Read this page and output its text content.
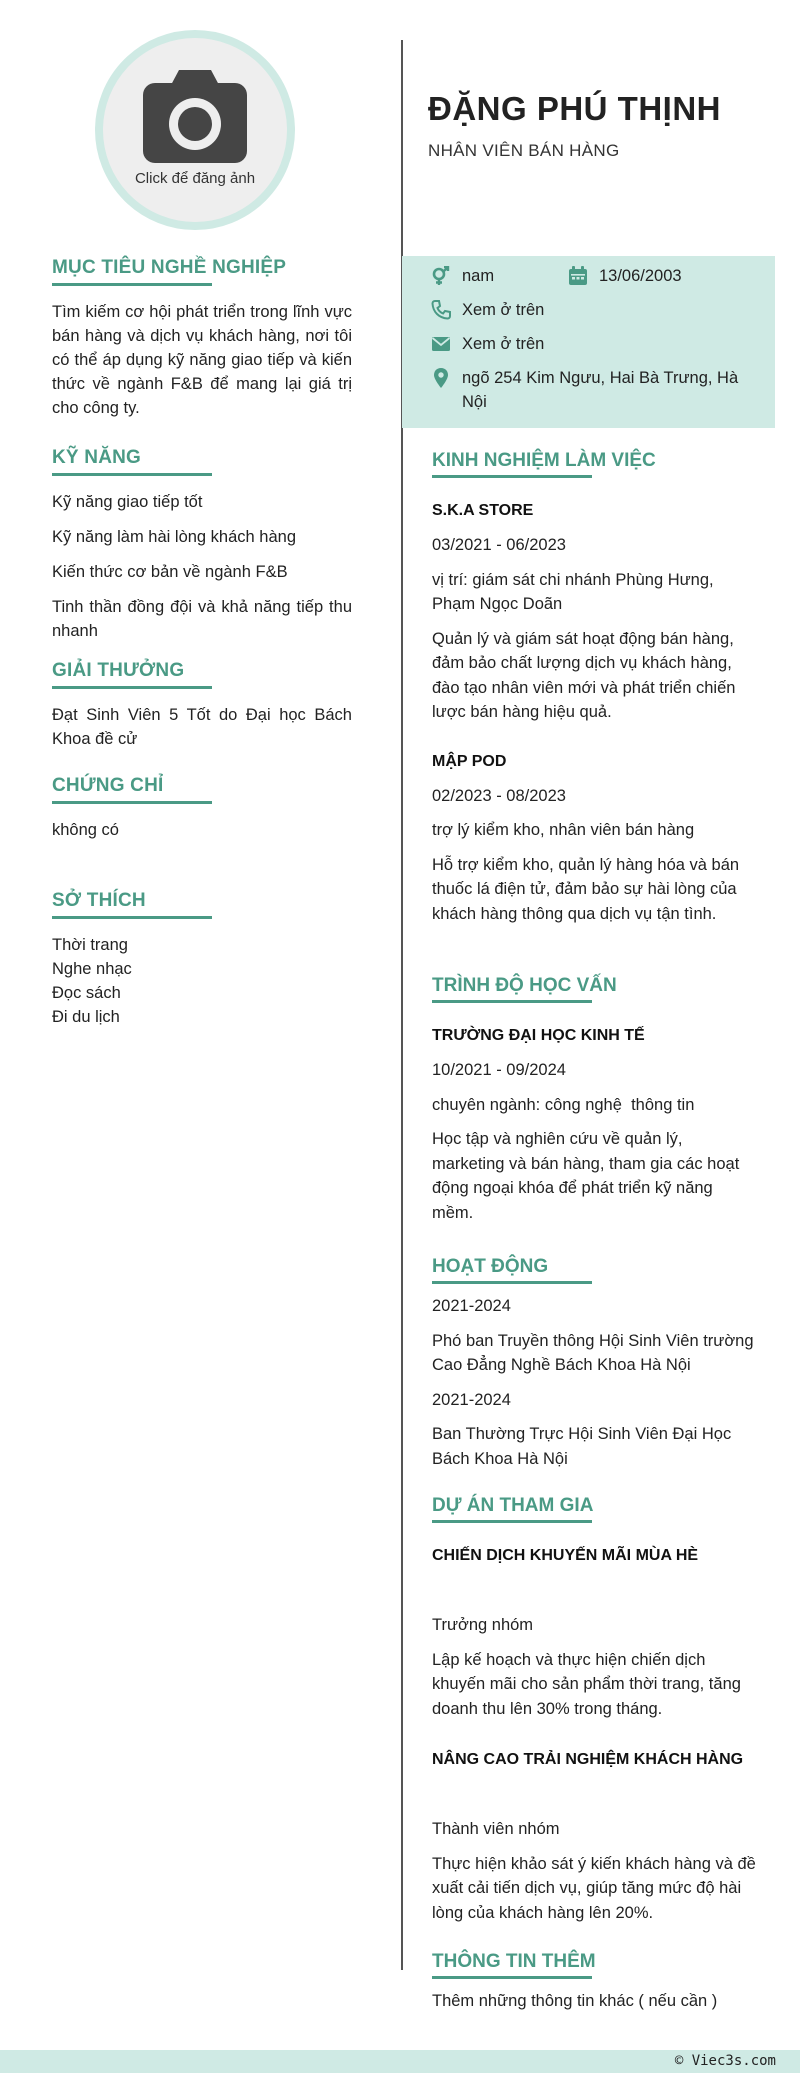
Click để đăng ảnh
MỤC TIÊU NGHỀ NGHIỆP

Tìm kiếm cơ hội phát triển trong lĩnh vực bán hàng và dịch vụ khách hàng, nơi tôi có thể áp dụng kỹ năng giao tiếp và kiến thức về ngành F&B để mang lại giá trị cho công ty.

KỸ NĂNG
Kỹ năng giao tiếp tốt
Kỹ năng làm hài lòng khách hàng
Kiến thức cơ bản về ngành F&B
Tinh thần đồng đội và khả năng tiếp thu nhanh
GIẢI THƯỞNG

Đạt Sinh Viên 5 Tốt do Đại học Bách Khoa đề cử

CHỨNG CHỈ

không có

SỞ THÍCH
Thời trang
Nghe nhạc
Đọc sách
Đi du lịch
ĐẶNG PHÚ THỊNH
NHÂN VIÊN BÁN HÀNG
nam	13/06/2003
Xem ở trên
Xem ở trên
ngõ 254 Kim Ngưu, Hai Bà Trưng, Hà Nội
KINH NGHIỆM LÀM VIỆC
S.K.A STORE
03/2021 - 06/2023
vị trí: giám sát chi nhánh Phùng Hưng, Phạm Ngọc Doãn
Quản lý và giám sát hoạt động bán hàng, đảm bảo chất lượng dịch vụ khách hàng, đào tạo nhân viên mới và phát triển chiến lược bán hàng hiệu quả.
MẬP POD
02/2023 - 08/2023
trợ lý kiểm kho, nhân viên bán hàng
Hỗ trợ kiểm kho, quản lý hàng hóa và bán thuốc lá điện tử, đảm bảo sự hài lòng của khách hàng thông qua dịch vụ tận tình.
TRÌNH ĐỘ HỌC VẤN
TRƯỜNG ĐẠI HỌC KINH TẾ
10/2021 - 09/2024
chuyên ngành: công nghệ  thông tin
Học tập và nghiên cứu về quản lý, marketing và bán hàng, tham gia các hoạt động ngoại khóa để phát triển kỹ năng mềm.
HOẠT ĐỘNG
2021-2024
Phó ban Truyền thông Hội Sinh Viên trường Cao Đẳng Nghề Bách Khoa Hà Nội
2021-2024
Ban Thường Trực Hội Sinh Viên Đại Học Bách Khoa Hà Nội
DỰ ÁN THAM GIA
CHIẾN DỊCH KHUYẾN MÃI MÙA HÈ
Trưởng nhóm
Lập kế hoạch và thực hiện chiến dịch khuyến mãi cho sản phẩm thời trang, tăng doanh thu lên 30% trong tháng.
NÂNG CAO TRẢI NGHIỆM KHÁCH HÀNG
Thành viên nhóm
Thực hiện khảo sát ý kiến khách hàng và đề xuất cải tiến dịch vụ, giúp tăng mức độ hài lòng của khách hàng lên 20%.
THÔNG TIN THÊM
Thêm những thông tin khác ( nếu cần )
© Viec3s.com
